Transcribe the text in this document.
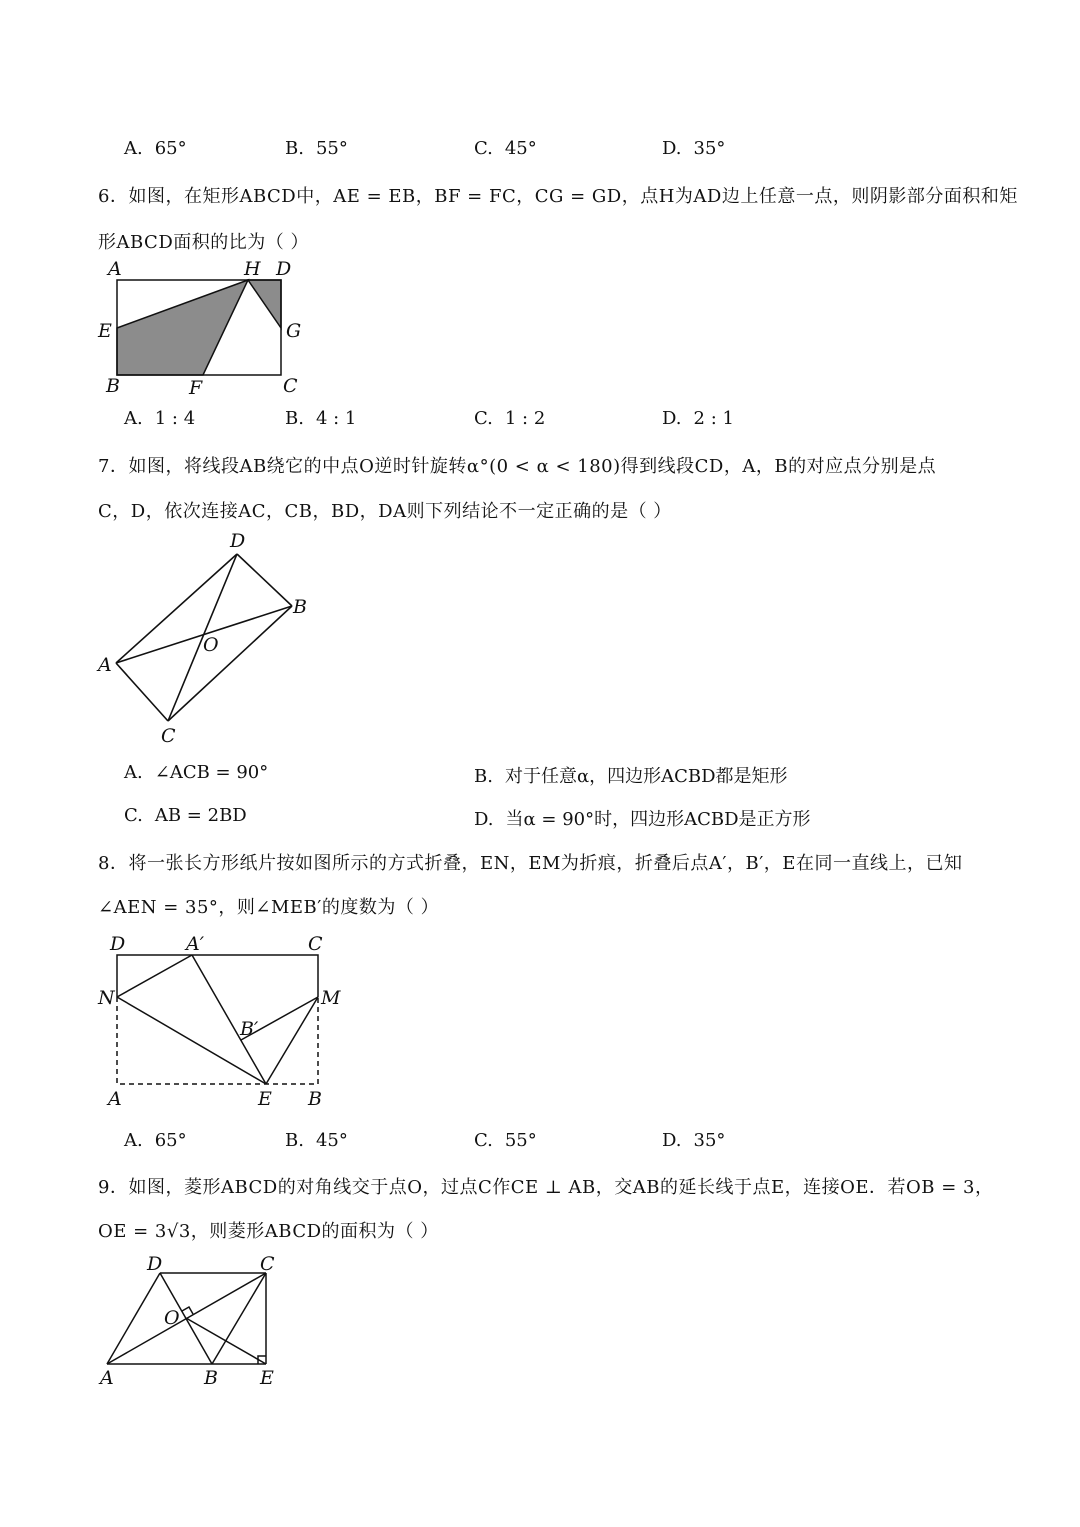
A. 65°	B. 55°	C. 45°	D. 35°
6．如图，在矩形ABCD中，AE = EB，BF = FC，CG = GD，点H为AD边上任意一点，则阴影部分面积和矩
形ABCD面积的比为（ ）
A	H D
E	G
B	F	C
A. 1 : 4	B. 4 : 1	C. 1 : 2	D. 2 : 1
7．如图，将线段AB绕它的中点O逆时针旋转α°(0 < α < 180)得到线段CD，A，B的对应点分别是点
C，D，依次连接AC，CB，BD，DA则下列结论不一定正确的是（ ）
D
B
O
A
C
A. ∠ACB = 90°	B. 对于任意α，四边形ACBD都是矩形
C. AB = 2BD	D. 当α = 90°时，四边形ACBD是正方形
8．将一张长方形纸片按如图所示的方式折叠，EN，EM为折痕，折叠后点A′，B′，E在同一直线上，已知
∠AEN = 35°，则∠MEB′的度数为（ ）
D	A′	C
N	M
B′
A	E B
A. 65°	B. 45°	C. 55°	D. 35°
9．如图，菱形ABCD的对角线交于点O，过点C作CE ⊥ AB，交AB的延长线于点E，连接OE．若OB = 3，
OE = 3√3，则菱形ABCD的面积为（ ）
D	C
O
A	B E
